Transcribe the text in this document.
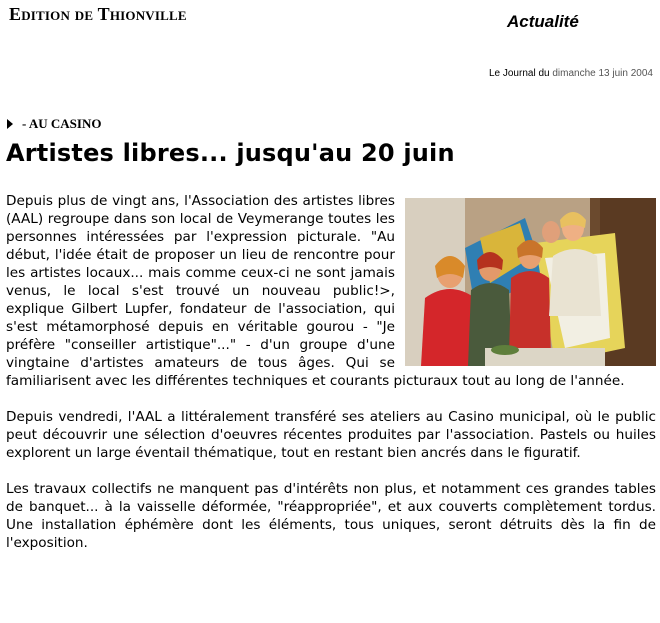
Edition de Thionville	Actualité
Le Journal du dimanche 13 juin 2004
- AU CASINO
Artistes libres... jusqu'au 20 juin

Depuis plus de vingt ans, l'Association des artistes libres (AAL) regroupe dans son local de Veymerange toutes les personnes intéressées par l'expression picturale. "Au début, l'idée était de proposer un lieu de rencontre pour les artistes locaux... mais comme ceux-ci ne sont jamais venus, le local s'est trouvé un nouveau public!>, explique Gilbert Lupfer, fondateur de l'association, qui s'est métamorphosé depuis en véritable gourou - "Je préfère "conseiller artistique"..." - d'un groupe d'une vingtaine d'artistes amateurs de tous âges. Qui se familiarisent avec les différentes techniques et courants picturaux tout au long de l'année.

Depuis vendredi, l'AAL a littéralement transféré ses ateliers au Casino municipal, où le public peut découvrir une sélection d'oeuvres récentes produites par l'association. Pastels ou huiles explorent un large éventail thématique, tout en restant bien ancrés dans le figuratif.

Les travaux collectifs ne manquent pas d'intérêts non plus, et notamment ces grandes tables de banquet... à la vaisselle déformée, "réappropriée", et aux couverts complètement tordus. Une installation éphémère dont les éléments, tous uniques, seront détruits dès la fin de l'exposition.
